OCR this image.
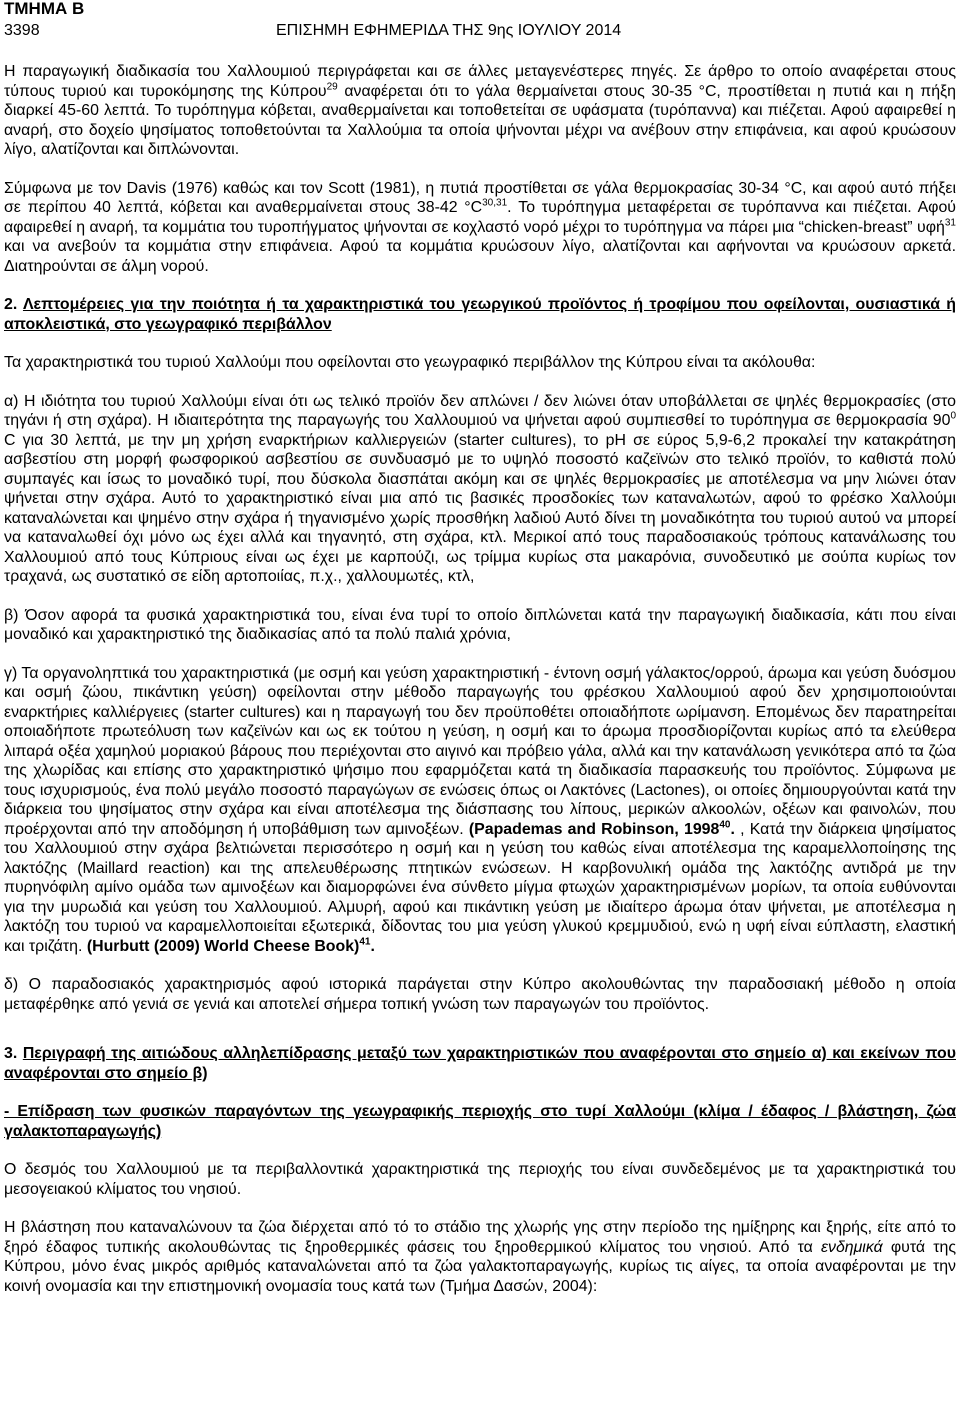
ΤΜΗΜΑ Β

3398	ΕΠΙΣΗΜΗ ΕΦΗΜΕΡΙΔΑ ΤΗΣ 9ης ΙΟΥΛΙΟΥ 2014

Η παραγωγική διαδικασία του Χαλλουμιού περιγράφεται και σε άλλες μεταγενέστερες πηγές. Σε άρθρο το οποίο αναφέρεται στους τύπους τυριού και τυροκόμησης της Κύπρου$^{29}$ αναφέρεται ότι το γάλα θερμαίνεται στους 30-35 °C, προστίθεται η πυτιά και η πήξη διαρκεί 45-60 λεπτά. Το τυρόπηγμα κόβεται, αναθερμαίνεται και τοποθετείται σε υφάσματα (τυρόπαννα) και πιέζεται. Αφού αφαιρεθεί η αναρή, στο δοχείο ψησίματος τοποθετούνται τα Χαλλούμια τα οποία ψήνονται μέχρι να ανέβουν στην επιφάνεια, και αφού κρυώσουν λίγο, αλατίζονται και διπλώνονται.

Σύμφωνα με τον Davis (1976) καθώς και τον Scott (1981), η πυτιά προστίθεται σε γάλα θερμοκρασίας 30-34 °C, και αφού αυτό πήξει σε περίπου 40 λεπτά, κόβεται και αναθερμαίνεται στους 38-42 $^\circ C^{30,31}$. Το τυρόπηγμα μεταφέρεται σε τυρόπαννα και πιέζεται. Αφού αφαιρεθεί η αναρή, τα κομμάτια του τυροπήγματος ψήνονται σε κοχλαστό νορό μέχρι το τυρόπηγμα να πάρει μια “chicken-breast” υφή$^{31}$ και να ανεβούν τα κομμάτια στην επιφάνεια. Αφού τα κομμάτια κρυώσουν λίγο, αλατίζονται και αφήνονται να κρυώσουν αρκετά. Διατηρούνται σε άλμη νορού.

2. Λεπτομέρειες για την ποιότητα ή τα χαρακτηριστικά του γεωργικού προϊόντος ή τροφίμου που οφείλονται, ουσιαστικά ή αποκλειστικά, στο γεωγραφικό περιβάλλον

Τα χαρακτηριστικά του τυριού Χαλλούμι που οφείλονται στο γεωγραφικό περιβάλλον της Κύπρου είναι τα ακόλουθα:

α) Η ιδιότητα του τυριού Χαλλούμι είναι ότι ως τελικό προϊόν δεν απλώνει / δεν λιώνει όταν υποβάλλεται σε ψηλές θερμοκρασίες (στο τηγάνι ή στη σχάρα). Η ιδιαιτερότητα της παραγωγής του Χαλλουμιού να ψήνεται αφού συμπιεσθεί το τυρόπηγμα σε θερμοκρασία $90^0$ C για 30 λεπτά, με την μη χρήση εναρκτήριων καλλιεργειών (starter cultures), το pH σε εύρος 5,9-6,2 προκαλεί την κατακράτηση ασβεστίου στη μορφή φωσφορικού ασβεστίου σε συνδυασμό με το υψηλό ποσοστό καζεϊνών στο τελικό προϊόν, το καθιστά πολύ συμπαγές και ίσως το μοναδικό τυρί, που δύσκολα διασπάται ακόμη και σε ψηλές θερμοκρασίες με αποτέλεσμα να μην λιώνει όταν ψήνεται στην σχάρα. Αυτό το χαρακτηριστικό είναι μια από τις βασικές προσδοκίες των καταναλωτών, αφού το φρέσκο Χαλλούμι καταναλώνεται και ψημένο στην σχάρα ή τηγανισμένο χωρίς προσθήκη λαδιού Αυτό δίνει τη μοναδικότητα του τυριού αυτού να μπορεί να καταναλωθεί όχι μόνο ως έχει αλλά και τηγανητό, στη σχάρα, κτλ. Μερικοί από τους παραδοσιακούς τρόπους κατανάλωσης του Χαλλουμιού από τους Κύπριους είναι ως έχει με καρπούζι, ως τρίμμα κυρίως στα μακαρόνια, συνοδευτικό με σούπα κυρίως τον τραχανά, ως συστατικό σε είδη αρτοποιίας, π.χ., χαλλουμωτές, κτλ,

β) Όσον αφορά τα φυσικά χαρακτηριστικά του, είναι ένα τυρί το οποίο διπλώνεται κατά την παραγωγική διαδικασία, κάτι που είναι μοναδικό και χαρακτηριστικό της διαδικασίας από τα πολύ παλιά χρόνια,

γ) Τα οργανοληπτικά του χαρακτηριστικά (με οσμή και γεύση χαρακτηριστική - έντονη οσμή γάλακτος/ορρού, άρωμα και γεύση δυόσμου και οσμή ζώου, πικάντικη γεύση) οφείλονται στην μέθοδο παραγωγής του φρέσκου Χαλλουμιού αφού δεν χρησιμοποιούνται εναρκτήριες καλλιέργειες (starter cultures) και η παραγωγή του δεν προϋποθέτει οποιαδήποτε ωρίμανση. Επομένως δεν παρατηρείται οποιαδήποτε πρωτεόλυση των καζεϊνών και ως εκ τούτου η γεύση, η οσμή και το άρωμα προσδιορίζονται κυρίως από τα ελεύθερα λιπαρά οξέα χαμηλού μοριακού βάρους που περιέχονται στο αιγινό και πρόβειο γάλα, αλλά και την κατανάλωση γενικότερα από τα ζώα της χλωρίδας και επίσης στο χαρακτηριστικό ψήσιμο που εφαρμόζεται κατά τη διαδικασία παρασκευής του προϊόντος. Σύμφωνα με τους ισχυρισμούς, ένα πολύ μεγάλο ποσοστό παραγώγων σε ενώσεις όπως οι Λακτόνες (Lactones), οι οποίες δημιουργούνται κατά την διάρκεια του ψησίματος στην σχάρα και είναι αποτέλεσμα της διάσπασης του λίπους, μερικών αλκοολών, οξέων και φαινολών, που προέρχονται από την αποδόμηση ή υποβάθμιση των αμινοξέων. (Papademas and Robinson, 1998$^{40}$. , Κατά την διάρκεια ψησίματος του Χαλλουμιού στην σχάρα βελτιώνεται περισσότερο η οσμή και η γεύση του καθώς είναι αποτέλεσμα της καραμελλοποίησης της λακτόζης (Maillard reaction) και της απελευθέρωσης πτητικών ενώσεων. Η καρβονυλική ομάδα της λακτόζης αντιδρά με την πυρηνόφιλη αμίνο ομάδα των αμινοξέων και διαμορφώνει ένα σύνθετο μίγμα φτωχών χαρακτηρισμένων μορίων, τα οποία ευθύνονται για την μυρωδιά και γεύση του Χαλλουμιού. Αλμυρή, αφού και πικάντικη γεύση με ιδιαίτερο άρωμα όταν ψήνεται, με αποτέλεσμα η λακτόζη του τυριού να καραμελλοποιείται εξωτερικά, δίδοντας του μια γεύση γλυκού κρεμμυδιού, ενώ η υφή είναι εύπλαστη, ελαστική και τριζάτη. (Hurbutt (2009) World Cheese Book)$^{41}$.

δ) Ο παραδοσιακός χαρακτηρισμός αφού ιστορικά παράγεται στην Κύπρο ακολουθώντας την παραδοσιακή μέθοδο η οποία μεταφέρθηκε από γενιά σε γενιά και αποτελεί σήμερα τοπική γνώση των παραγωγών του προϊόντος.

3. Περιγραφή της αιτιώδους αλληλεπίδρασης μεταξύ των χαρακτηριστικών που αναφέρονται στο σημείο α) και εκείνων που αναφέρονται στο σημείο β)

- Επίδραση των φυσικών παραγόντων της γεωγραφικής περιοχής στο τυρί Χαλλούμι (κλίμα / έδαφος / βλάστηση, ζώα γαλακτοπαραγωγής)

Ο δεσμός του Χαλλουμιού με τα περιβαλλοντικά χαρακτηριστικά της περιοχής του είναι συνδεδεμένος με τα χαρακτηριστικά του μεσογειακού κλίματος του νησιού.

Η βλάστηση που καταναλώνουν τα ζώα διέρχεται από τό το στάδιο της χλωρής γης στην περίοδο της ημίξηρης και ξηρής, είτε από το ξηρό έδαφος τυπικής ακολουθώντας τις ξηροθερμικές φάσεις του ξηροθερμικού κλίματος του νησιού. Από τα ενδημικά φυτά της Κύπρου, μόνο ένας μικρός αριθμός καταναλώνεται από τα ζώα γαλακτοπαραγωγής, κυρίως τις αίγες, τα οποία αναφέρονται με την κοινή ονομασία και την επιστημονική ονομασία τους κατά των (Τμήμα Δασών, 2004):
